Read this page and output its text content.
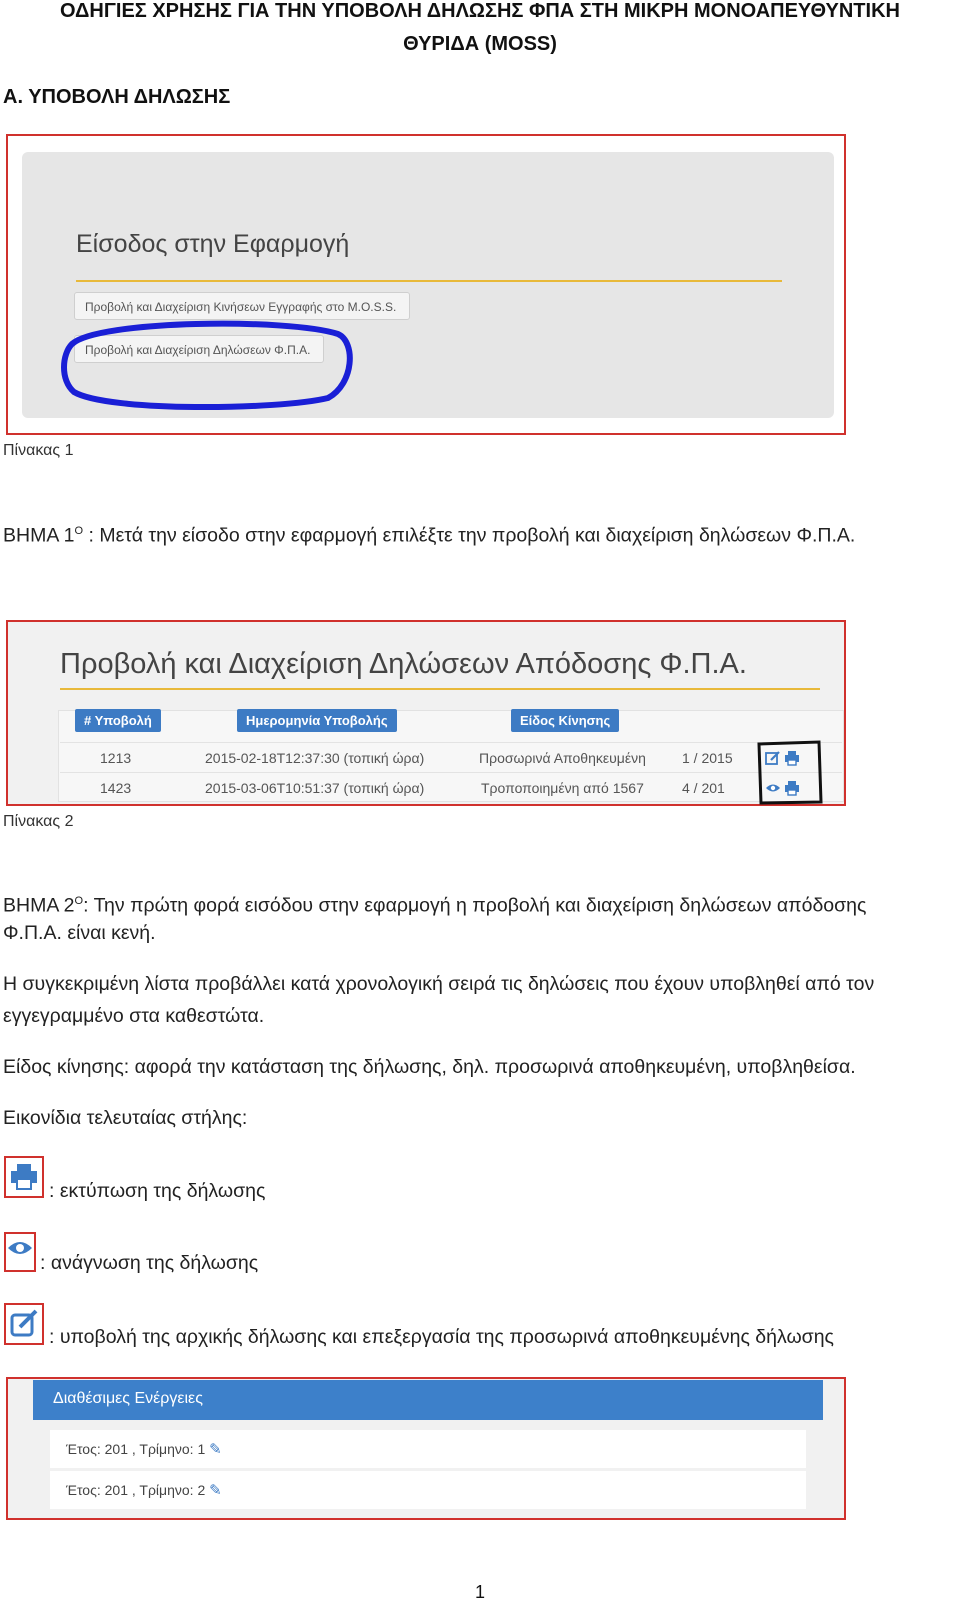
ΟΔΗΓΙΕΣ ΧΡΗΣΗΣ ΓΙΑ ΤΗΝ ΥΠΟΒΟΛΗ ΔΗΛΩΣΗΣ ΦΠΑ ΣΤΗ ΜΙΚΡΗ ΜΟΝΟΑΠΕΥΘΥΝΤΙΚΗ
ΘΥΡΙΔΑ (MOSS)
Α. ΥΠΟΒΟΛΗ ΔΗΛΩΣΗΣ
Είσοδος στην Εφαρμογή
Προβολή και Διαχείριση Κινήσεων Εγγραφής στο M.O.S.S.
Προβολή και Διαχείριση Δηλώσεων Φ.Π.Α.
Πίνακας 1
ΒΗΜΑ $1^O$ : Μετά την είσοδο στην εφαρμογή επιλέξτε την προβολή και διαχείριση δηλώσεων Φ.Π.Α.
Προβολή και Διαχείριση Δηλώσεων Απόδοσης Φ.Π.Α.
# Υποβολή	Ημερομηνία Υποβολής	Είδος Κίνησης
1213	2015-02-18T12:37:30 (τοπική ώρα)	Προσωρινά Αποθηκευμένη	1 / 2015
1423	2015-03-06T10:51:37 (τοπική ώρα)	Τροποποιημένη από 1567	4 / 201
Πίνακας 2
ΒΗΜΑ $2^O$: Την πρώτη φορά εισόδου στην εφαρμογή η προβολή και διαχείριση δηλώσεων απόδοσης
Φ.Π.Α. είναι κενή.
Η συγκεκριμένη λίστα προβάλλει κατά χρονολογική σειρά τις δηλώσεις που έχουν υποβληθεί από τον
εγγεγραμμένο στα καθεστώτα.
Είδος κίνησης: αφορά την κατάσταση της δήλωσης, δηλ. προσωρινά αποθηκευμένη, υποβληθείσα.
Εικονίδια τελευταίας στήλης:
: εκτύπωση της δήλωσης
: ανάγνωση της δήλωσης
: υποβολή της αρχικής δήλωσης και επεξεργασία της προσωρινά αποθηκευμένης δήλωσης
Διαθέσιμες Ενέργειες
Έτος: 201 , Τρίμηνο: 1 ✎
Έτος: 201 , Τρίμηνο: 2 ✎
1
